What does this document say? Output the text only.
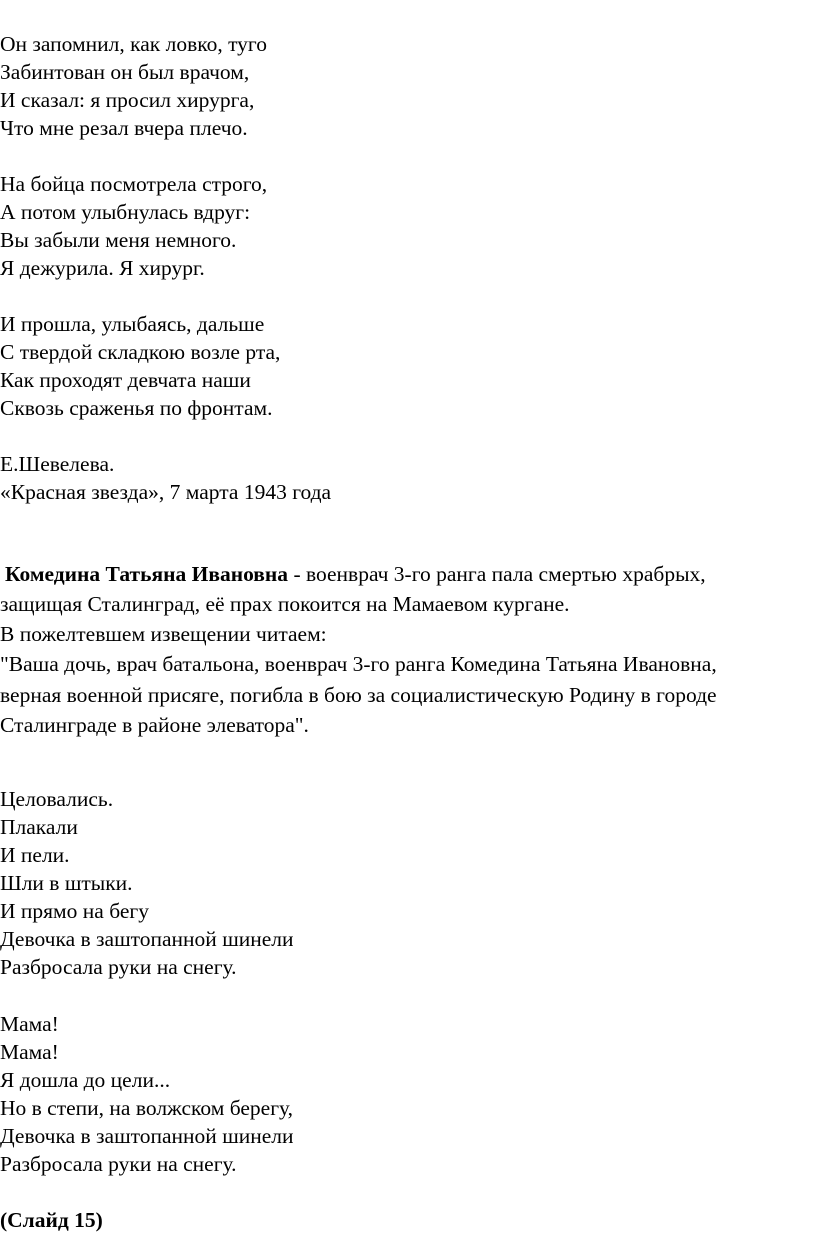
Он запомнил, как ловко, туго
Забинтован он был врачом,
И сказал: я просил хирурга,
Что мне резал вчера плечо.
На бойца посмотрела строго,
А потом улыбнулась вдруг:
Вы забыли меня немного.
Я дежурила. Я хирург.
И прошла, улыбаясь, дальше
С твердой складкою возле рта,
Как проходят девчата наши
Сквозь сраженья по фронтам.
Е.Шевелева.
«Красная звезда», 7 марта 1943 года
Комедина Татьяна Ивановна - военврач 3-го ранга пала смертью храбрых,
защищая Сталинград, её прах покоится на Мамаевом кургане.
В пожелтевшем извещении читаем:
"Ваша дочь, врач батальона, военврач 3-го ранга Комедина Татьяна Ивановна,
верная военной присяге, погибла в бою за социалистическую Родину в городе
Сталинграде в районе элеватора".
Целовались.
Плакали
И пели.
Шли в штыки.
И прямо на бегу
Девочка в заштопанной шинели
Разбросала руки на снегу.
Мама!
Мама!
Я дошла до цели...
Но в степи, на волжском берегу,
Девочка в заштопанной шинели
Разбросала руки на снегу.
(Слайд 15)
